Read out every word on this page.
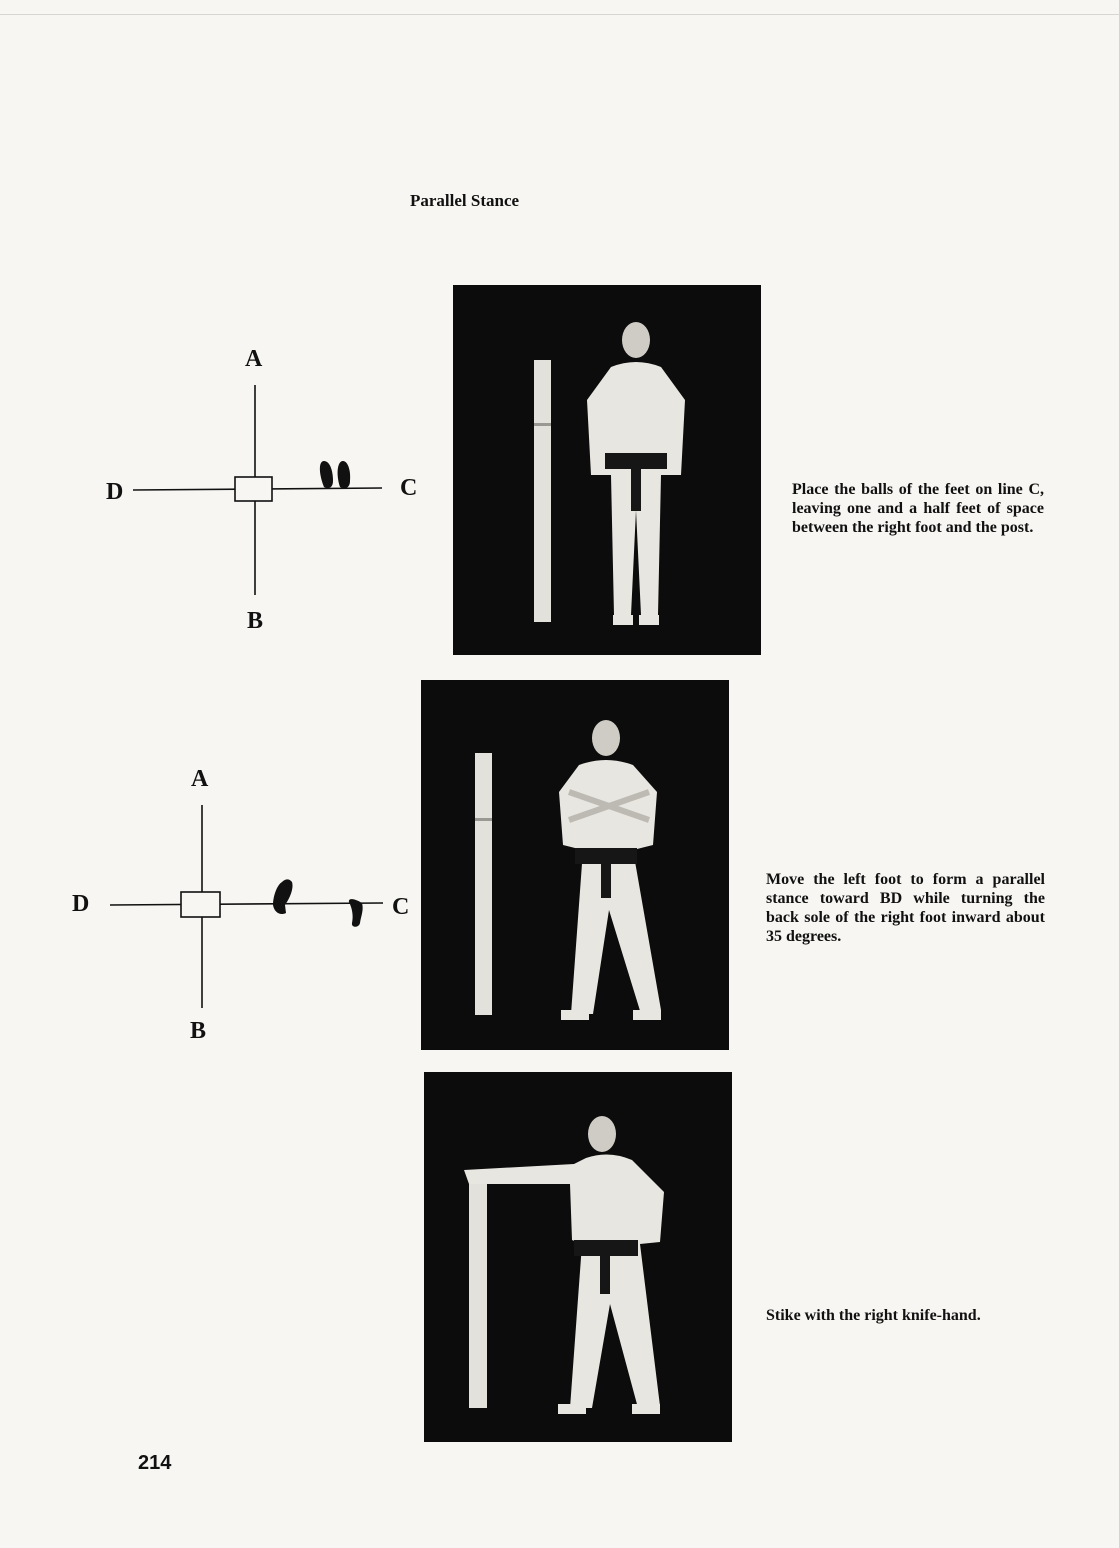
Parallel Stance
A
B
D	C	Place the balls of the feet on line C, leaving one and a half feet of space between the right foot and the post.
A
B
D	C
Move the left foot to form a parallel stance toward BD while turning the back sole of the right foot inward about 35 degrees.
Stike with the right knife-hand.
214
